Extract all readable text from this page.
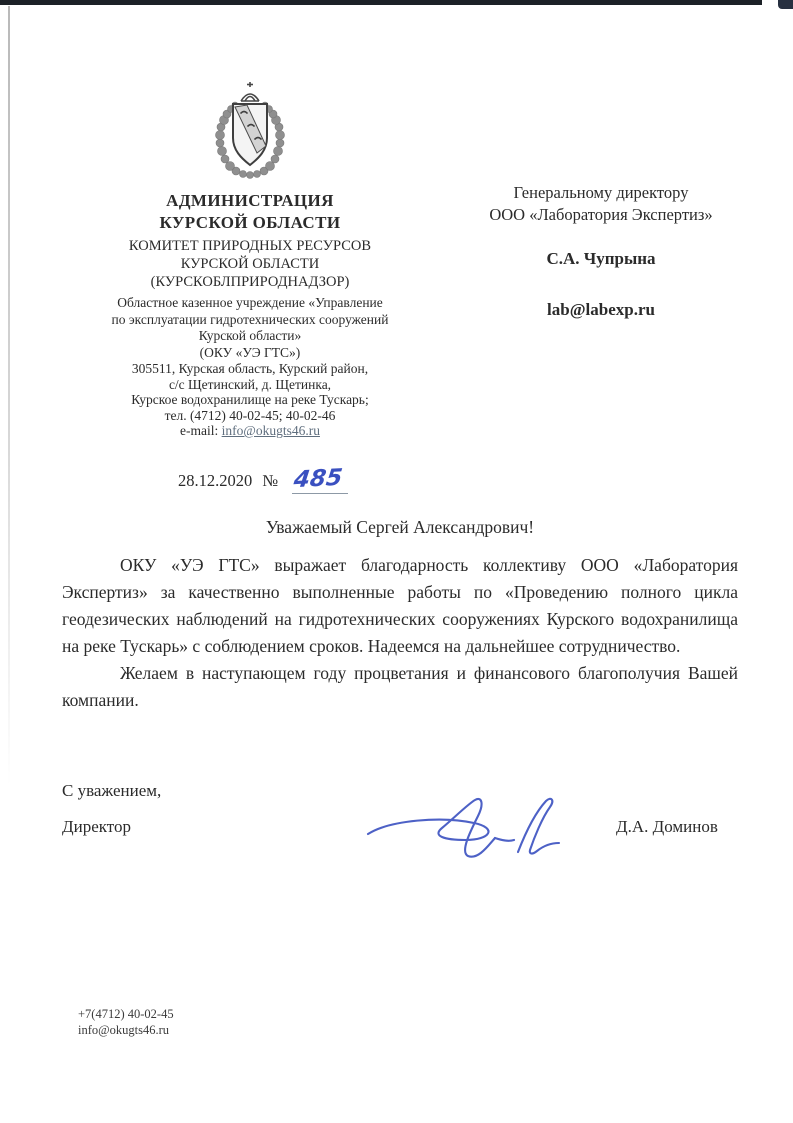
АДМИНИСТРАЦИЯ
КУРСКОЙ ОБЛАСТИ
КОМИТЕТ ПРИРОДНЫХ РЕСУРСОВ
КУРСКОЙ ОБЛАСТИ
(КУРСКОБЛПРИРОДНАДЗОР)
Областное казенное учреждение «Управление
по эксплуатации гидротехнических сооружений
Курской области»
(ОКУ «УЭ ГТС»)
305511, Курская область, Курский район,
с/с Щетинский, д. Щетинка,
Курское водохранилище на реке Тускарь;
тел. (4712) 40-02-45; 40-02-46
e-mail: info@okugts46.ru
Генеральному директору
ООО «Лаборатория Экспертиз»
С.А. Чупрына
lab@labexp.ru
28.12.2020 № 485
Уважаемый Сергей Александрович!

ОКУ «УЭ ГТС» выражает благодарность коллективу ООО «Лаборатория Экспертиз» за качественно выполненные работы по «Проведению полного цикла геодезических наблюдений на гидротехнических сооружениях Курского водохранилища на реке Тускарь» с соблюдением сроков. Надеемся на дальнейшее сотрудничество.

Желаем в наступающем году процветания и финансового благополучия Вашей компании.

С уважением,
Директор	Д.А. Доминов
+7(4712) 40-02-45
info@okugts46.ru
